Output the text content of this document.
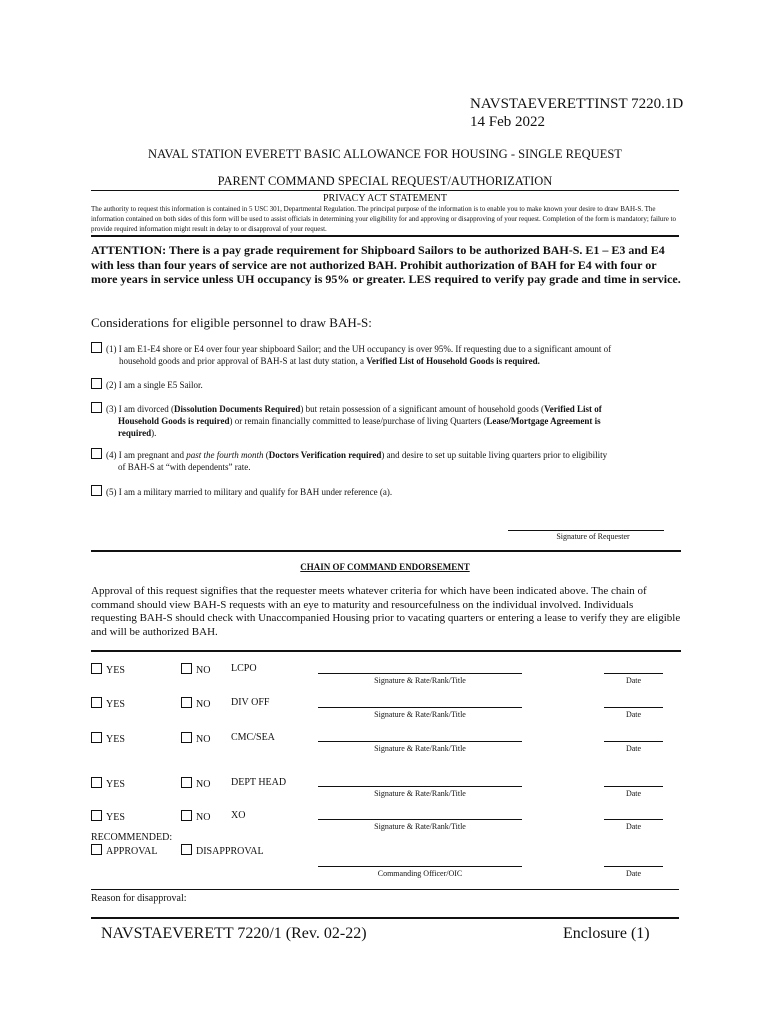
NAVSTAEVERETTINST 7220.1D
14 Feb 2022
NAVAL STATION EVERETT BASIC ALLOWANCE FOR HOUSING - SINGLE REQUEST
PARENT COMMAND SPECIAL REQUEST/AUTHORIZATION
PRIVACY ACT STATEMENT
The authority to request this information is contained in 5 USC 301, Departmental Regulation. The principal purpose of the information is to enable you to make known your desire to draw BAH-S. The information contained on both sides of this form will be used to assist officials in determining your eligibility for and approving or disapproving of your request. Completion of the form is mandatory; failure to provide required information might result in delay to or disapproval of your request.
ATTENTION: There is a pay grade requirement for Shipboard Sailors to be authorized BAH-S. E1 – E3 and E4 with less than four years of service are not authorized BAH. Prohibit authorization of BAH for E4 with four or more years in service unless UH occupancy is 95% or greater. LES required to verify pay grade and time in service.
Considerations for eligible personnel to draw BAH-S:
(1) I am E1-E4 shore or E4 over four year shipboard Sailor; and the UH occupancy is over 95%. If requesting due to a significant amount of
household goods and prior approval of BAH-S at last duty station, a Verified List of Household Goods is required.
(2) I am a single E5 Sailor.
(3) I am divorced (Dissolution Documents Required) but retain possession of a significant amount of household goods (Verified List of
Household Goods is required) or remain financially committed to lease/purchase of living Quarters (Lease/Mortgage Agreement is
required).
(4) I am pregnant and past the fourth month (Doctors Verification required) and desire to set up suitable living quarters prior to eligibility
of BAH-S at “with dependents” rate.
(5) I am a military married to military and qualify for BAH under reference (a).
Signature of Requester
CHAIN OF COMMAND ENDORSEMENT
Approval of this request signifies that the requester meets whatever criteria for which have been indicated above. The chain of command should view BAH-S requests with an eye to maturity and resourcefulness on the individual involved. Individuals requesting BAH-S should check with Unaccompanied Housing prior to vacating quarters or entering a lease to verify they are eligible and will be authorized BAH.
YES	NO LCPO
Signature & Rate/Rank/Title	Date
YES	NO DIV OFF
Signature & Rate/Rank/Title	Date
YES	NO CMC/SEA
Signature & Rate/Rank/Title	Date
YES	NO DEPT HEAD
Signature & Rate/Rank/Title	Date
YES	NO XO
Signature & Rate/Rank/Title	Date
RECOMMENDED:
APPROVAL	DISAPPROVAL
Commanding Officer/OIC	Date
Reason for disapproval:
NAVSTAEVERETT 7220/1 (Rev. 02-22)	Enclosure (1)
